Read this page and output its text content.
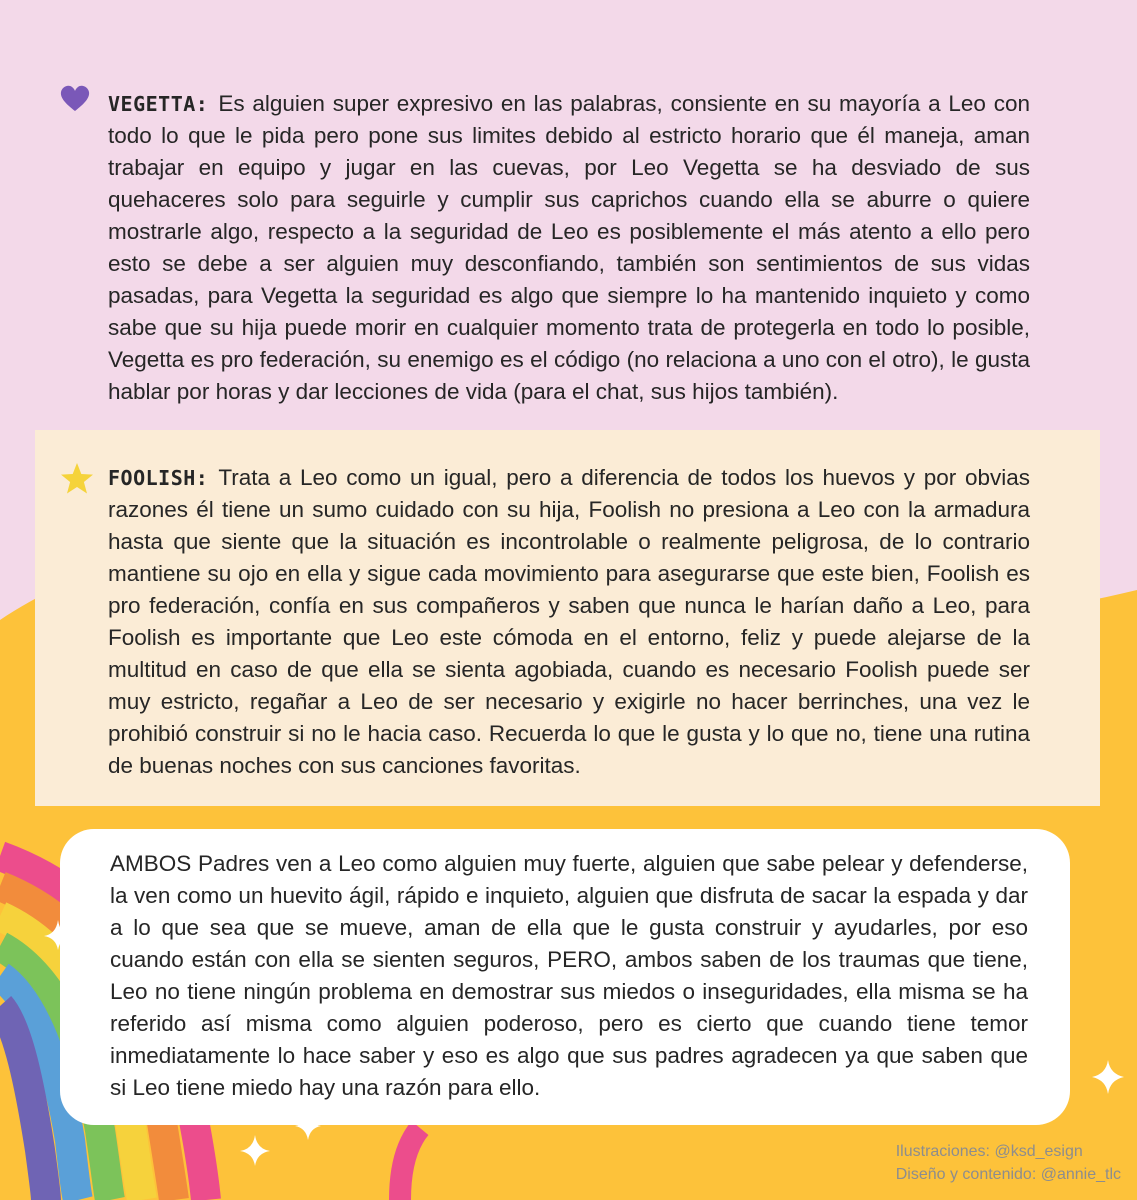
VEGETTA: Es alguien super expresivo en las palabras, consiente en su mayoría a Leo con todo lo que le pida pero pone sus limites debido al estricto horario que él maneja, aman trabajar en equipo y jugar en las cuevas, por Leo Vegetta se ha desviado de sus quehaceres solo para seguirle y cumplir sus caprichos cuando ella se aburre o quiere mostrarle algo, respecto a la seguridad de Leo es posiblemente el más atento a ello pero esto se debe a ser alguien muy desconfiando, también son sentimientos de sus vidas pasadas, para Vegetta la seguridad es algo que siempre lo ha mantenido inquieto y como sabe que su hija puede morir en cualquier momento trata de protegerla en todo lo posible, Vegetta es pro federación, su enemigo es el código (no relaciona a uno con el otro), le gusta hablar por horas y dar lecciones de vida (para el chat, sus hijos también).
FOOLISH: Trata a Leo como un igual, pero a diferencia de todos los huevos y por obvias razones él tiene un sumo cuidado con su hija, Foolish no presiona a Leo con la armadura hasta que siente que la situación es incontrolable o realmente peligrosa, de lo contrario mantiene su ojo en ella y sigue cada movimiento para asegurarse que este bien, Foolish es pro federación, confía en sus compañeros y saben que nunca le harían daño a Leo, para Foolish es importante que Leo este cómoda en el entorno, feliz y puede alejarse de la multitud en caso de que ella se sienta agobiada, cuando es necesario Foolish puede ser muy estricto, regañar a Leo de ser necesario y exigirle no hacer berrinches, una vez le prohibió construir si no le hacia caso. Recuerda lo que le gusta y lo que no, tiene una rutina de buenas noches con sus canciones favoritas.
AMBOS Padres ven a Leo como alguien muy fuerte, alguien que sabe pelear y defenderse, la ven como un huevito ágil, rápido e inquieto, alguien que disfruta de sacar la espada y dar a lo que sea que se mueve, aman de ella que le gusta construir y ayudarles, por eso cuando están con ella se sienten seguros, PERO, ambos saben de los traumas que tiene, Leo no tiene ningún problema en demostrar sus miedos o inseguridades, ella misma se ha referido así misma como alguien poderoso, pero es cierto que cuando tiene temor inmediatamente lo hace saber y eso es algo que sus padres agradecen ya que saben que si Leo tiene miedo hay una razón para ello.
Ilustraciones: @ksd_esign
Diseño y contenido: @annie_tlc
